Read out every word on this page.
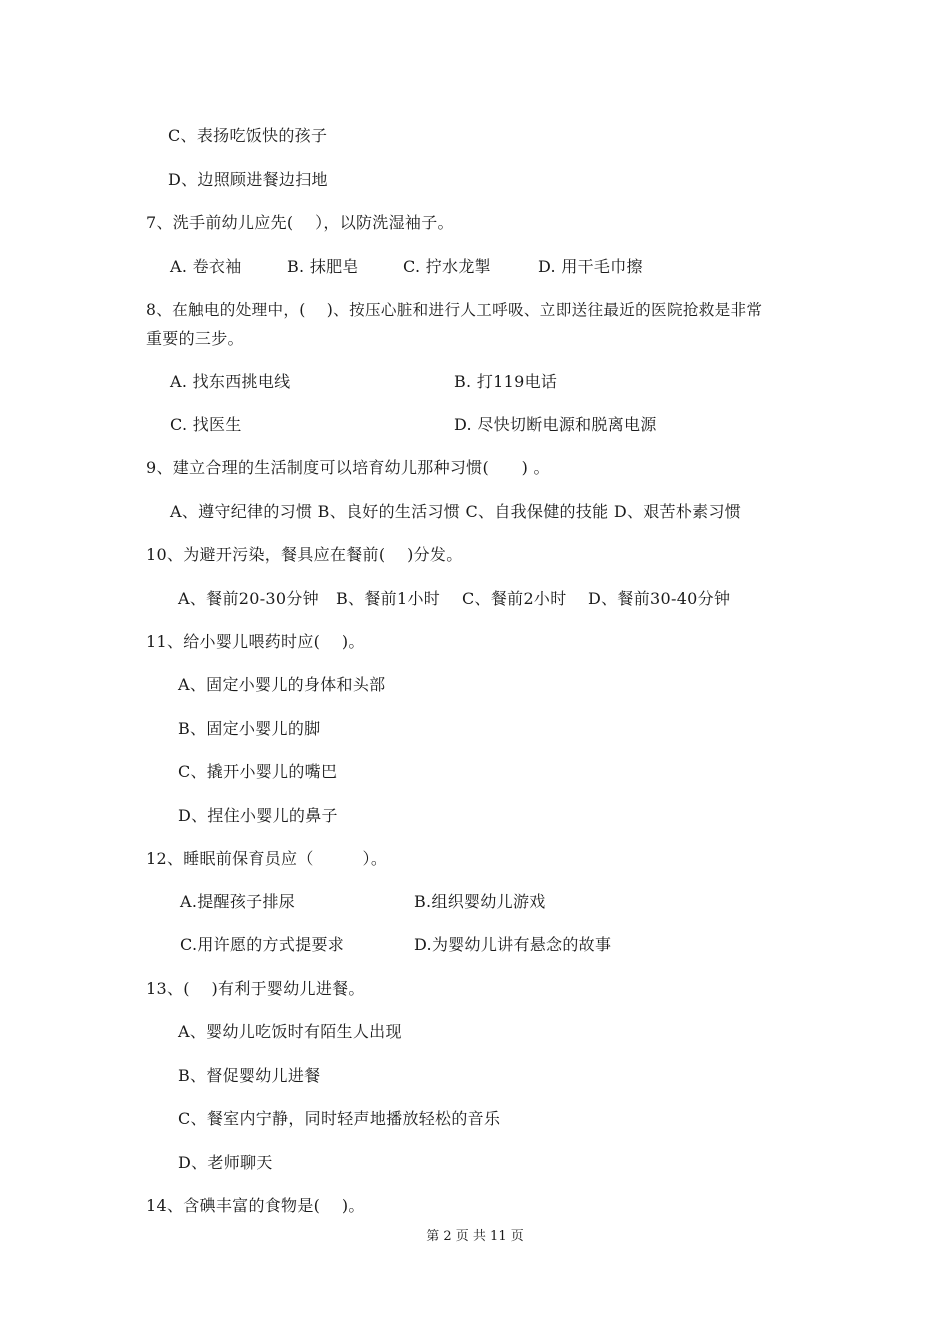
C、表扬吃饭快的孩子
D、边照顾进餐边扫地
7、洗手前幼儿应先(　 ），以防洗湿袖子。
A. 卷衣袖	B. 抹肥皂	C. 拧水龙掣	D. 用干毛巾擦
8、在触电的处理中，(　 )、按压心脏和进行人工呼吸、立即送往最近的医院抢救是非常
重要的三步。
A. 找东西挑电线	B. 打119电话
C. 找医生	D. 尽快切断电源和脱离电源
9、建立合理的生活制度可以培育幼儿那种习惯(　　) 。
A、遵守纪律的习惯 B、良好的生活习惯 C、自我保健的技能 D、艰苦朴素习惯
10、为避开污染，餐具应在餐前(　 )分发。
A、餐前20-30分钟 B、餐前1小时 C、餐前2小时 D、餐前30-40分钟
11、给小婴儿喂药时应(　 )。
A、固定小婴儿的身体和头部
B、固定小婴儿的脚
C、撬开小婴儿的嘴巴
D、捏住小婴儿的鼻子
12、睡眠前保育员应（　　　）。
A.提醒孩子排尿	B.组织婴幼儿游戏
C.用许愿的方式提要求	D.为婴幼儿讲有悬念的故事
13、(　 )有利于婴幼儿进餐。
A、婴幼儿吃饭时有陌生人出现
B、督促婴幼儿进餐
C、餐室内宁静，同时轻声地播放轻松的音乐
D、老师聊天
14、含碘丰富的食物是(　 )。
第 2 页 共 11 页
